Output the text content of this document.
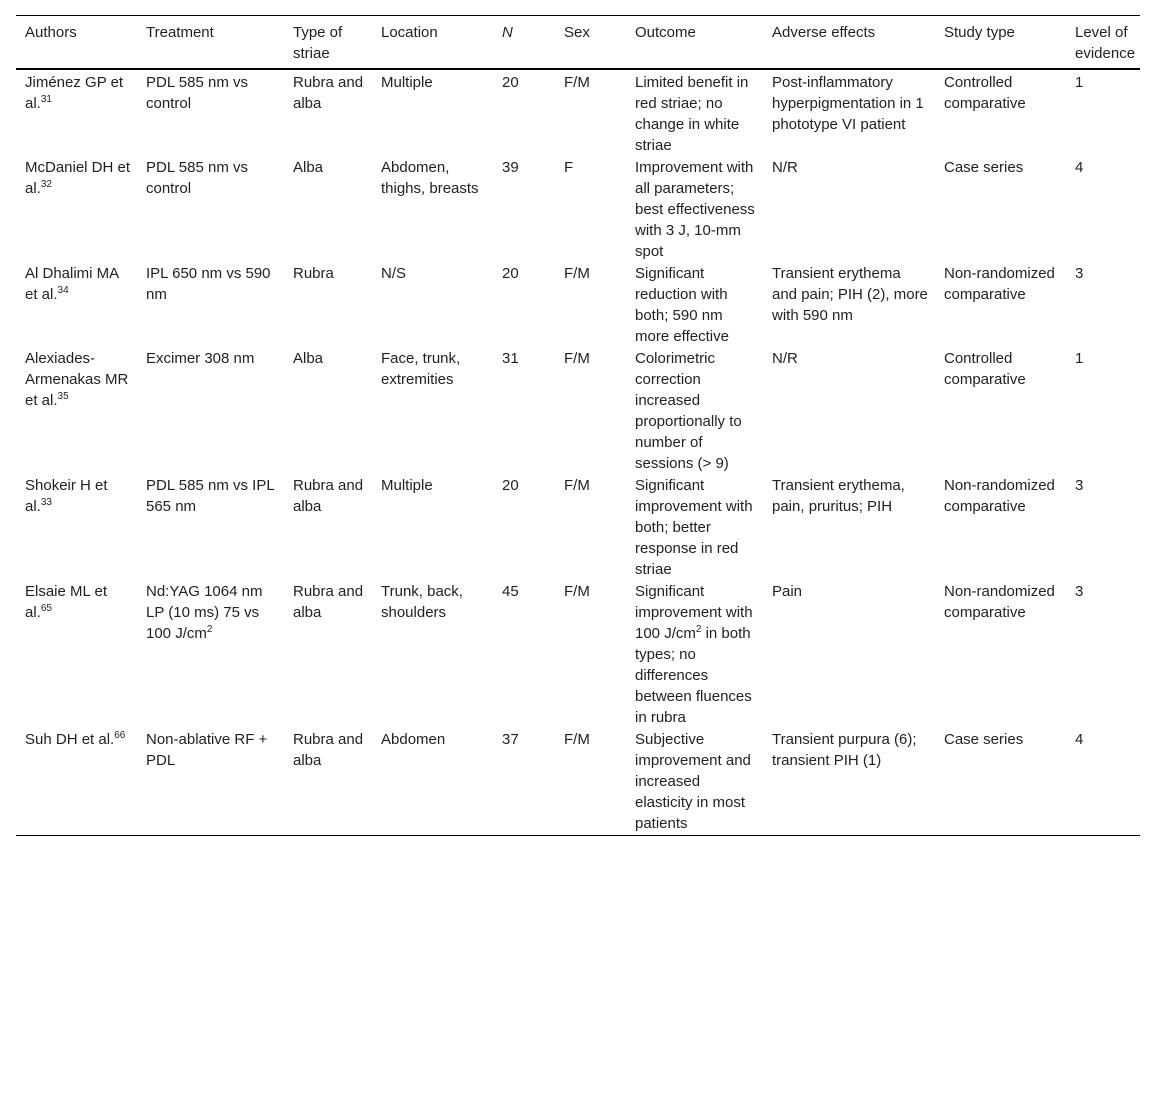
Authors	Treatment	Type of striae	Location	N	Sex	Outcome	Adverse effects	Study type	Level of evidence
Jiménez GP et al.$^{31}$	PDL 585 nm vs control	Rubra and alba	Multiple	20	F/M	Limited benefit in red striae; no change in white striae	Post-inflammatory hyperpigmentation in 1 phototype VI patient	Controlled comparative	1
McDaniel DH et al.$^{32}$	PDL 585 nm vs control	Alba	Abdomen, thighs, breasts	39	F	Improvement with all parameters; best effectiveness with 3 J, 10-mm spot	N/R	Case series	4
Al Dhalimi MA et al.$^{34}$	IPL 650 nm vs 590 nm	Rubra	N/S	20	F/M	Significant reduction with both; 590 nm more effective	Transient erythema and pain; PIH (2), more with 590 nm	Non-randomized comparative	3
Alexiades-Armenakas MR et al.$^{35}$	Excimer 308 nm	Alba	Face, trunk, extremities	31	F/M	Colorimetric correction increased proportionally to number of sessions (> 9)	N/R	Controlled comparative	1
Shokeir H et al.$^{33}$	PDL 585 nm vs IPL 565 nm	Rubra and alba	Multiple	20	F/M	Significant improvement with both; better response in red striae	Transient erythema, pain, pruritus; PIH	Non-randomized comparative	3
Elsaie ML et al.$^{65}$	Nd:YAG 1064 nm LP (10 ms) 75 vs 100 $J/cm^2$	Rubra and alba	Trunk, back, shoulders	45	F/M	Significant improvement with 100 $J/cm^2$ in both types; no differences between fluences in rubra	Pain	Non-randomized comparative	3
Suh DH et al.$^{66}$	Non-ablative RF + PDL	Rubra and alba	Abdomen	37	F/M	Subjective improvement and increased elasticity in most patients	Transient purpura (6); transient PIH (1)	Case series	4
